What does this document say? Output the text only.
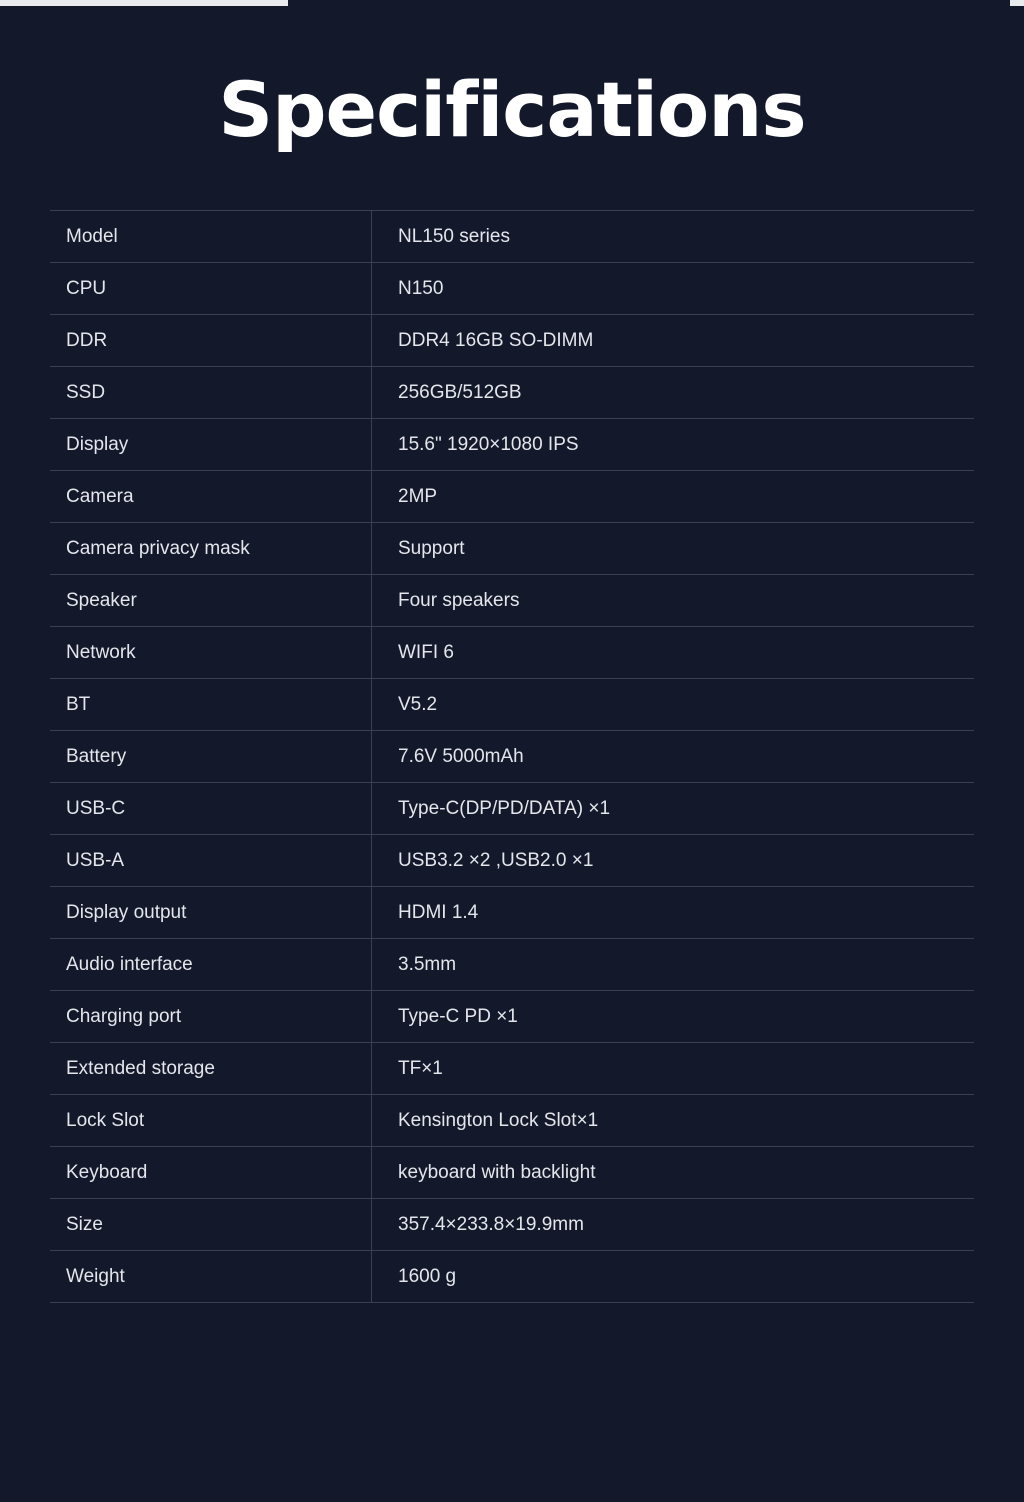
Specifications
Model	NL150 series
CPU	N150
DDR	DDR4 16GB SO-DIMM
SSD	256GB/512GB
Display	15.6" 1920×1080 IPS
Camera	2MP
Camera privacy mask	Support
Speaker	Four speakers
Network	WIFI 6
BT	V5.2
Battery	7.6V 5000mAh
USB-C	Type-C(DP/PD/DATA) ×1
USB-A	USB3.2 ×2 ,USB2.0 ×1
Display output	HDMI 1.4
Audio interface	3.5mm
Charging port	Type-C PD ×1
Extended storage	TF×1
Lock Slot	Kensington Lock Slot×1
Keyboard	keyboard with backlight
Size	357.4×233.8×19.9mm
Weight	1600 g
